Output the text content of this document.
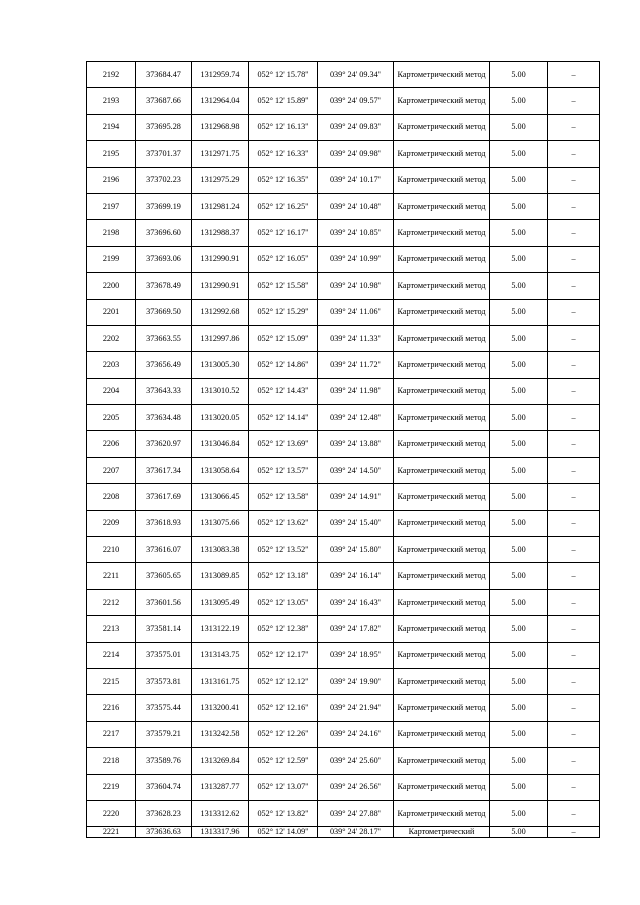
2192	373684.47	1312959.74	052° 12' 15.78"	039° 24' 09.34"	Картометрический метод	5.00	–
2193	373687.66	1312964.04	052° 12' 15.89"	039° 24' 09.57"	Картометрический метод	5.00	–
2194	373695.28	1312968.98	052° 12' 16.13"	039° 24' 09.83"	Картометрический метод	5.00	–
2195	373701.37	1312971.75	052° 12' 16.33"	039° 24' 09.98"	Картометрический метод	5.00	–
2196	373702.23	1312975.29	052° 12' 16.35"	039° 24' 10.17"	Картометрический метод	5.00	–
2197	373699.19	1312981.24	052° 12' 16.25"	039° 24' 10.48"	Картометрический метод	5.00	–
2198	373696.60	1312988.37	052° 12' 16.17"	039° 24' 10.85"	Картометрический метод	5.00	–
2199	373693.06	1312990.91	052° 12' 16.05"	039° 24' 10.99"	Картометрический метод	5.00	–
2200	373678.49	1312990.91	052° 12' 15.58"	039° 24' 10.98"	Картометрический метод	5.00	–
2201	373669.50	1312992.68	052° 12' 15.29"	039° 24' 11.06"	Картометрический метод	5.00	–
2202	373663.55	1312997.86	052° 12' 15.09"	039° 24' 11.33"	Картометрический метод	5.00	–
2203	373656.49	1313005.30	052° 12' 14.86"	039° 24' 11.72"	Картометрический метод	5.00	–
2204	373643.33	1313010.52	052° 12' 14.43"	039° 24' 11.98"	Картометрический метод	5.00	–
2205	373634.48	1313020.05	052° 12' 14.14"	039° 24' 12.48"	Картометрический метод	5.00	–
2206	373620.97	1313046.84	052° 12' 13.69"	039° 24' 13.88"	Картометрический метод	5.00	–
2207	373617.34	1313058.64	052° 12' 13.57"	039° 24' 14.50"	Картометрический метод	5.00	–
2208	373617.69	1313066.45	052° 12' 13.58"	039° 24' 14.91"	Картометрический метод	5.00	–
2209	373618.93	1313075.66	052° 12' 13.62"	039° 24' 15.40"	Картометрический метод	5.00	–
2210	373616.07	1313083.38	052° 12' 13.52"	039° 24' 15.80"	Картометрический метод	5.00	–
2211	373605.65	1313089.85	052° 12' 13.18"	039° 24' 16.14"	Картометрический метод	5.00	–
2212	373601.56	1313095.49	052° 12' 13.05"	039° 24' 16.43"	Картометрический метод	5.00	–
2213	373581.14	1313122.19	052° 12' 12.38"	039° 24' 17.82"	Картометрический метод	5.00	–
2214	373575.01	1313143.75	052° 12' 12.17"	039° 24' 18.95"	Картометрический метод	5.00	–
2215	373573.81	1313161.75	052° 12' 12.12"	039° 24' 19.90"	Картометрический метод	5.00	–
2216	373575.44	1313200.41	052° 12' 12.16"	039° 24' 21.94"	Картометрический метод	5.00	–
2217	373579.21	1313242.58	052° 12' 12.26"	039° 24' 24.16"	Картометрический метод	5.00	–
2218	373589.76	1313269.84	052° 12' 12.59"	039° 24' 25.60"	Картометрический метод	5.00	–
2219	373604.74	1313287.77	052° 12' 13.07"	039° 24' 26.56"	Картометрический метод	5.00	–
2220	373628.23	1313312.62	052° 12' 13.82"	039° 24' 27.88"	Картометрический метод	5.00	–
2221	373636.63	1313317.96	052° 12' 14.09"	039° 24' 28.17"	Картометрический	5.00	–
